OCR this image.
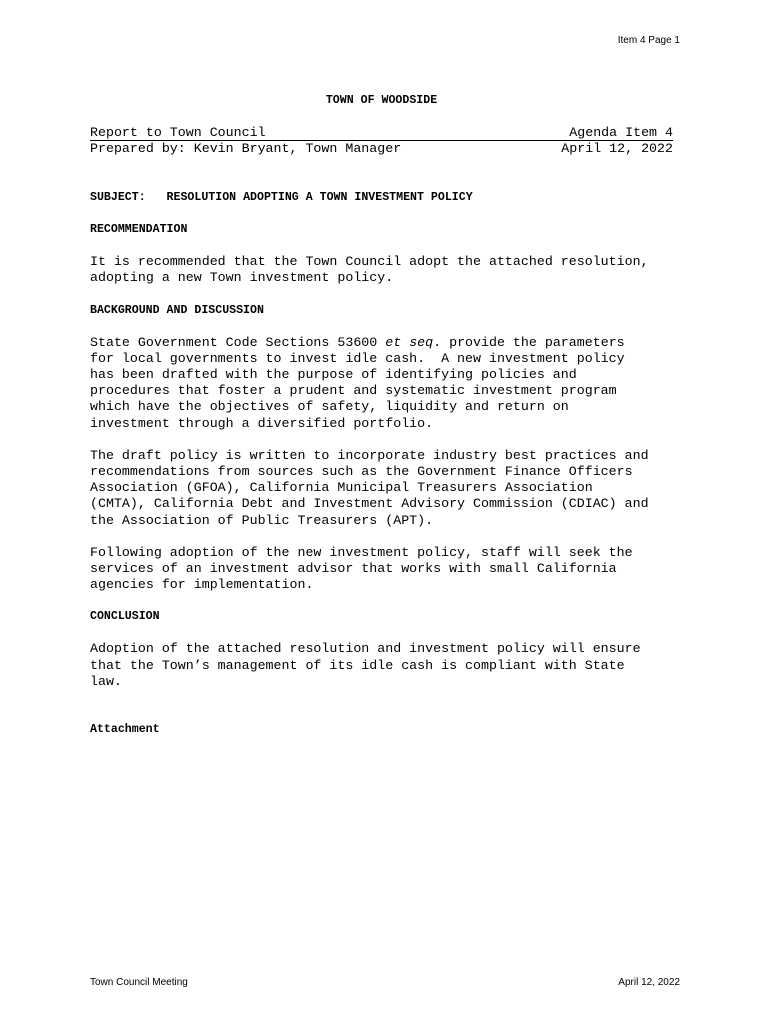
Item 4 Page 1
TOWN OF WOODSIDE
Report to Town Council	Agenda Item 4
Prepared by: Kevin Bryant, Town Manager	April 12, 2022
SUBJECT: RESOLUTION ADOPTING A TOWN INVESTMENT POLICY
RECOMMENDATION
It is recommended that the Town Council adopt the attached resolution,
adopting a new Town investment policy.
BACKGROUND AND DISCUSSION
State Government Code Sections 53600 et seq. provide the parameters
for local governments to invest idle cash.  A new investment policy
has been drafted with the purpose of identifying policies and
procedures that foster a prudent and systematic investment program
which have the objectives of safety, liquidity and return on
investment through a diversified portfolio.
The draft policy is written to incorporate industry best practices and
recommendations from sources such as the Government Finance Officers
Association (GFOA), California Municipal Treasurers Association
(CMTA), California Debt and Investment Advisory Commission (CDIAC) and
the Association of Public Treasurers (APT).
Following adoption of the new investment policy, staff will seek the
services of an investment advisor that works with small California
agencies for implementation.
CONCLUSION
Adoption of the attached resolution and investment policy will ensure
that the Town’s management of its idle cash is compliant with State
law.
Attachment
Town Council Meeting	April 12, 2022
